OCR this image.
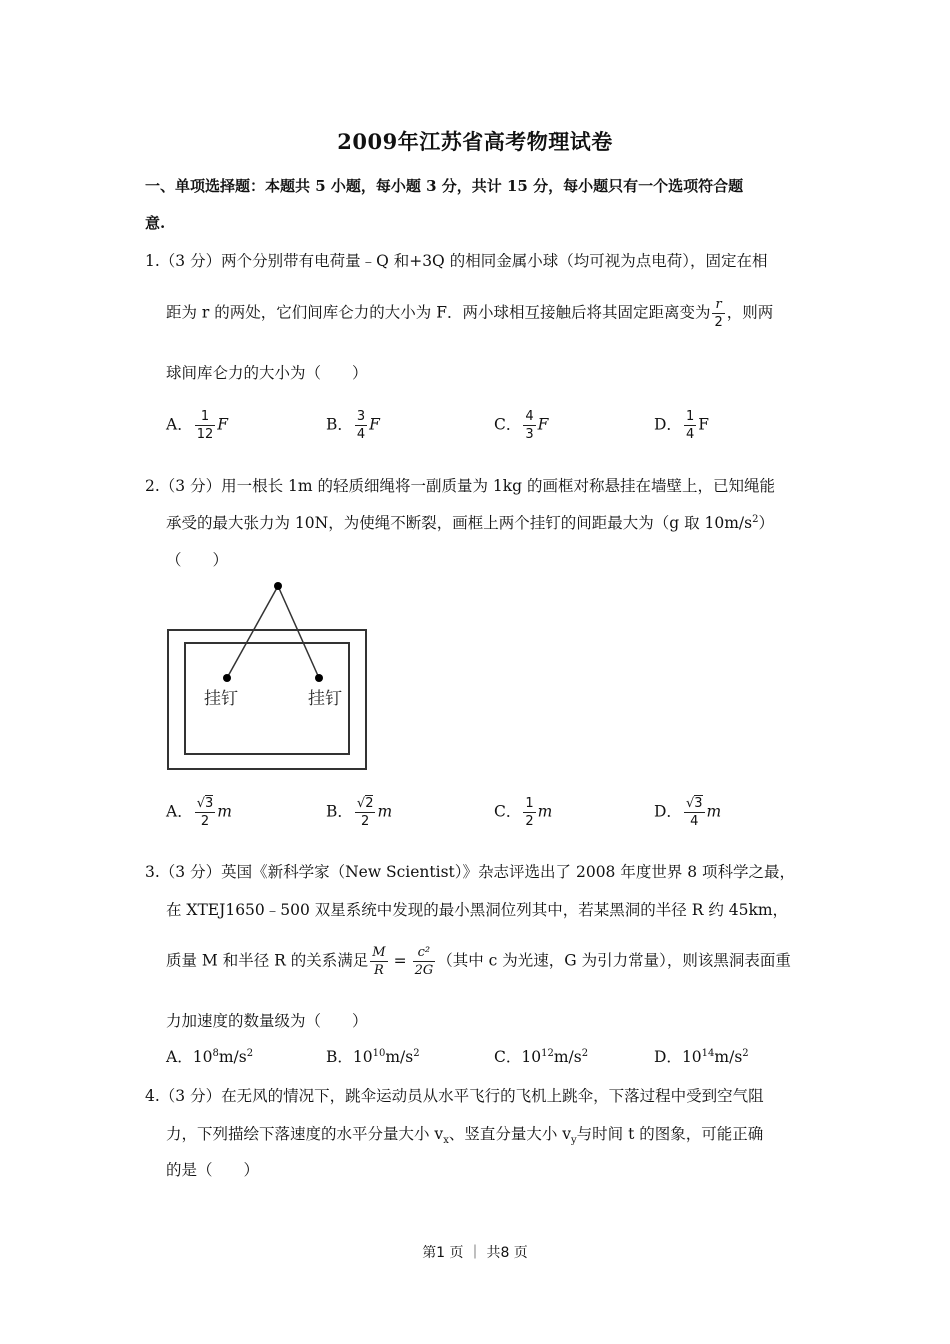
2009年江苏省高考物理试卷
一、单项选择题：本题共 5 小题，每小题 3 分，共计 15 分，每小题只有一个选项符合题
意.
1.（3 分）两个分别带有电荷量﹣Q 和+3Q 的相同金属小球（均可视为点电荷），固定在相
距为 r 的两处，它们间库仑力的大小为 F．两小球相互接触后将其固定距离变为 $\frac{r}{2}$ ，则两
球间库仑力的大小为（　　）
A． $\frac{1}{12}$ F	B． $\frac{3}{4}$ F	C． $\frac{4}{3}$ F	D． $\frac{1}{4}$ F
2.（3 分）用一根长 1m 的轻质细绳将一副质量为 1kg 的画框对称悬挂在墙壁上，已知绳能
承受的最大张力为 10N，为使绳不断裂，画框上两个挂钉的间距最大为（g 取 $10m/s^2$）
（　　）
挂钉	挂钉
A． $\frac{√3}{2}$ m	B． $\frac{√2}{2}$ m	C． $\frac{1}{2}$ m	D． $\frac{√3}{4}$ m
3.（3 分）英国《新科学家（New Scientist）》杂志评选出了 2008 年度世界 8 项科学之最，
在 XTEJ1650﹣500 双星系统中发现的最小黑洞位列其中，若某黑洞的半径 R 约 45km，
质量 M 和半径 R 的关系满足 $\frac{M}{R} = \frac{\text{c²}}{2G}$ （其中 c 为光速，G 为引力常量），则该黑洞表面重
力加速度的数量级为（　　）
A．$10^8m/s^2$	B．$10^{10}m/s^2$	C．$10^{12}m/s^2$	D．$10^{14}m/s^2$
4.（3 分）在无风的情况下，跳伞运动员从水平飞行的飞机上跳伞，下落过程中受到空气阻
力，下列描绘下落速度的水平分量大小 $v_x$、竖直分量大小 $v_y$与时间 t 的图象，可能正确
的是（　　）
第1 页 ｜ 共8 页
